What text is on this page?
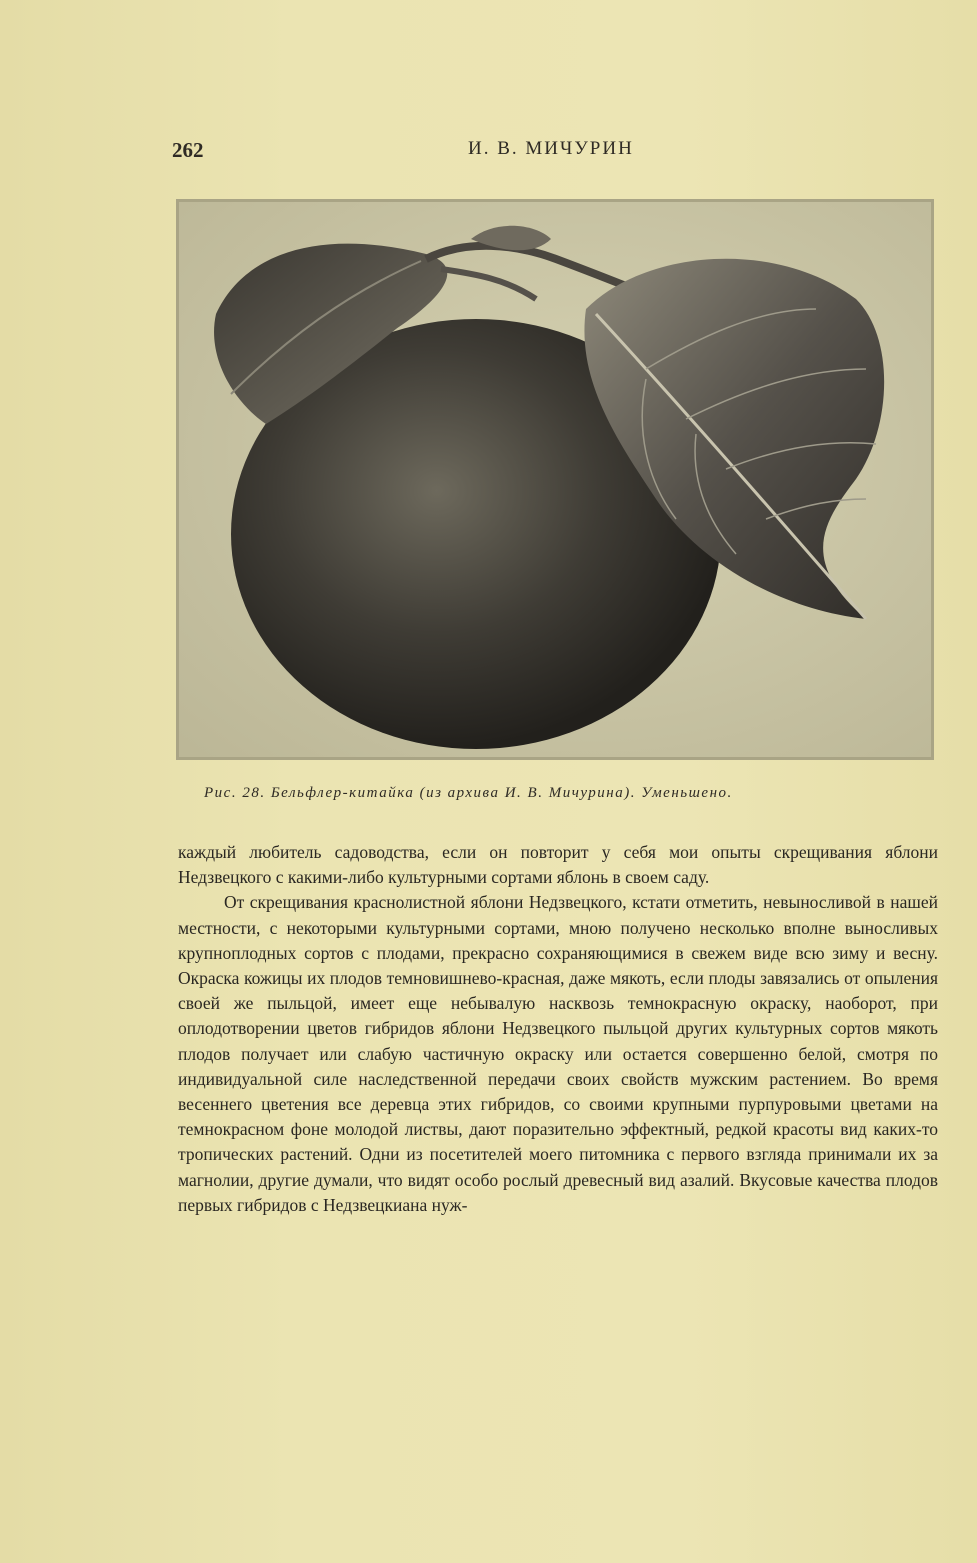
262	И. В. МИЧУРИН
Рис. 28. Бельфлер-китайка (из архива И. В. Мичурина). Уменьшено.

каждый любитель садоводства, если он повторит у себя мои опыты скрещивания яблони Недзвецкого с какими-либо культурными сортами яблонь в своем саду.

От скрещивания краснолистной яблони Недзвецкого, кстати отметить, невыносливой в нашей местности, с некоторыми культурными сортами, мною получено несколько вполне выносливых крупноплодных сортов с плодами, прекрасно сохраняющимися в свежем виде всю зиму и весну. Окраска кожицы их плодов темновишнево-красная, даже мякоть, если плоды завязались от опыления своей же пыльцой, имеет еще небывалую насквозь темнокрасную окраску, наоборот, при оплодотворении цветов гибридов яблони Недзвецкого пыльцой других культурных сортов мякоть плодов получает или слабую частичную окраску или остается совершенно белой, смотря по индивидуальной силе наследственной передачи своих свойств мужским растением. Во время весеннего цветения все деревца этих гибридов, со своими крупными пурпуровыми цветами на темнокрасном фоне молодой листвы, дают поразительно эффектный, редкой красоты вид каких-то тропических растений. Одни из посетителей моего питомника с первого взгляда принимали их за магнолии, другие думали, что видят особо рослый древесный вид азалий. Вкусовые качества плодов первых гибридов с Недзвецкиана нуж-
